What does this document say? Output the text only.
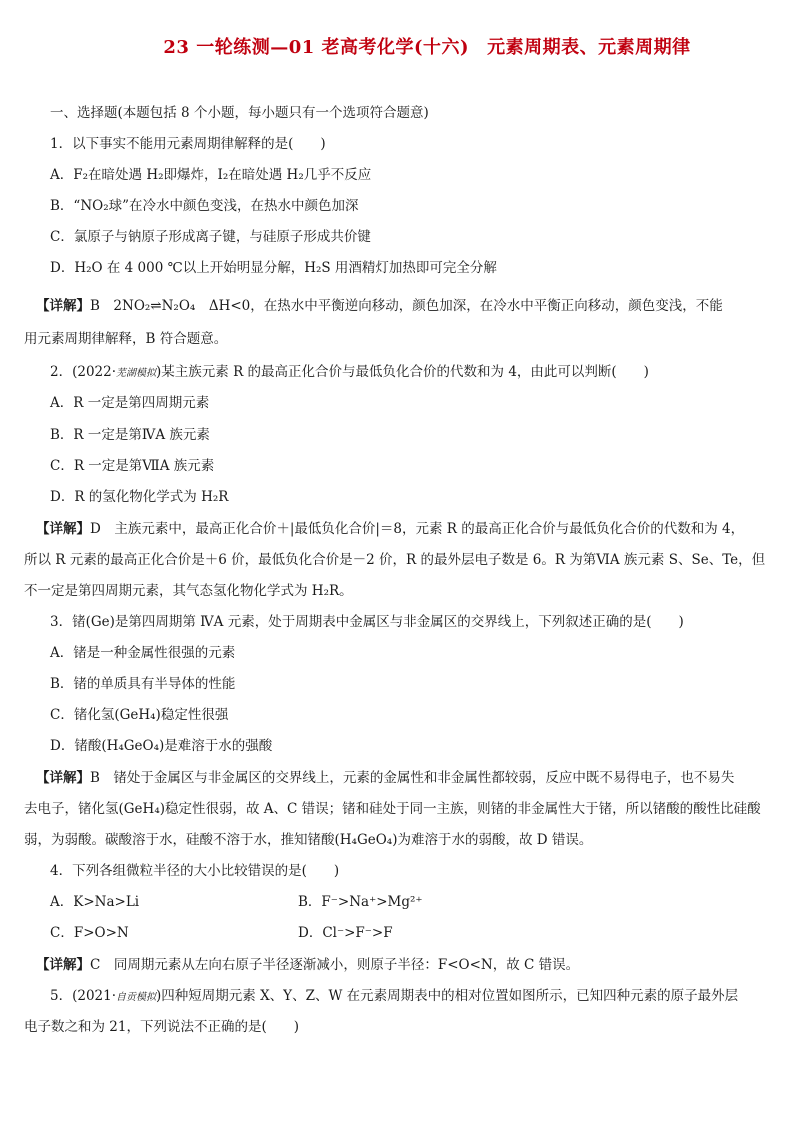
23 一轮练测—01 老高考化学(十六) 元素周期表、元素周期律
一、选择题(本题包括 8 个小题，每小题只有一个选项符合题意)
1．以下事实不能用元素周期律解释的是(　　)
A．F₂在暗处遇 H₂即爆炸，I₂在暗处遇 H₂几乎不反应
B．“NO₂球”在冷水中颜色变浅，在热水中颜色加深
C．氯原子与钠原子形成离子键，与硅原子形成共价键
D．H₂O 在 4 000 ℃以上开始明显分解，H₂S 用酒精灯加热即可完全分解
【详解】B　2NO₂⇌N₂O₄　ΔH<0，在热水中平衡逆向移动，颜色加深，在冷水中平衡正向移动，颜色变浅，不能
用元素周期律解释，B 符合题意。
2．(2022·芜湖模拟)某主族元素 R 的最高正化合价与最低负化合价的代数和为 4，由此可以判断(　　)
A．R 一定是第四周期元素
B．R 一定是第ⅣA 族元素
C．R 一定是第ⅦA 族元素
D．R 的氢化物化学式为 H₂R
【详解】D　主族元素中，最高正化合价＋|最低负化合价|＝8，元素 R 的最高正化合价与最低负化合价的代数和为 4，
所以 R 元素的最高正化合价是＋6 价，最低负化合价是－2 价，R 的最外层电子数是 6。R 为第ⅥA 族元素 S、Se、Te，但
不一定是第四周期元素，其气态氢化物化学式为 H₂R。
3．锗(Ge)是第四周期第 ⅣA 元素，处于周期表中金属区与非金属区的交界线上，下列叙述正确的是(　　)
A．锗是一种金属性很强的元素
B．锗的单质具有半导体的性能
C．锗化氢(GeH₄)稳定性很强
D．锗酸(H₄GeO₄)是难溶于水的强酸
【详解】B　锗处于金属区与非金属区的交界线上，元素的金属性和非金属性都较弱，反应中既不易得电子，也不易失
去电子，锗化氢(GeH₄)稳定性很弱，故 A、C 错误；锗和硅处于同一主族，则锗的非金属性大于锗，所以锗酸的酸性比硅酸
弱，为弱酸。碳酸溶于水，硅酸不溶于水，推知锗酸(H₄GeO₄)为难溶于水的弱酸，故 D 错误。
4．下列各组微粒半径的大小比较错误的是(　　)
A．K>Na>Li	B．F⁻>Na⁺>Mg²⁺
C．F>O>N	D．Cl⁻>F⁻>F
【详解】C　同周期元素从左向右原子半径逐渐减小，则原子半径：F<O<N，故 C 错误。
5．(2021·自贡模拟)四种短周期元素 X、Y、Z、W 在元素周期表中的相对位置如图所示，已知四种元素的原子最外层
电子数之和为 21，下列说法不正确的是(　　)
